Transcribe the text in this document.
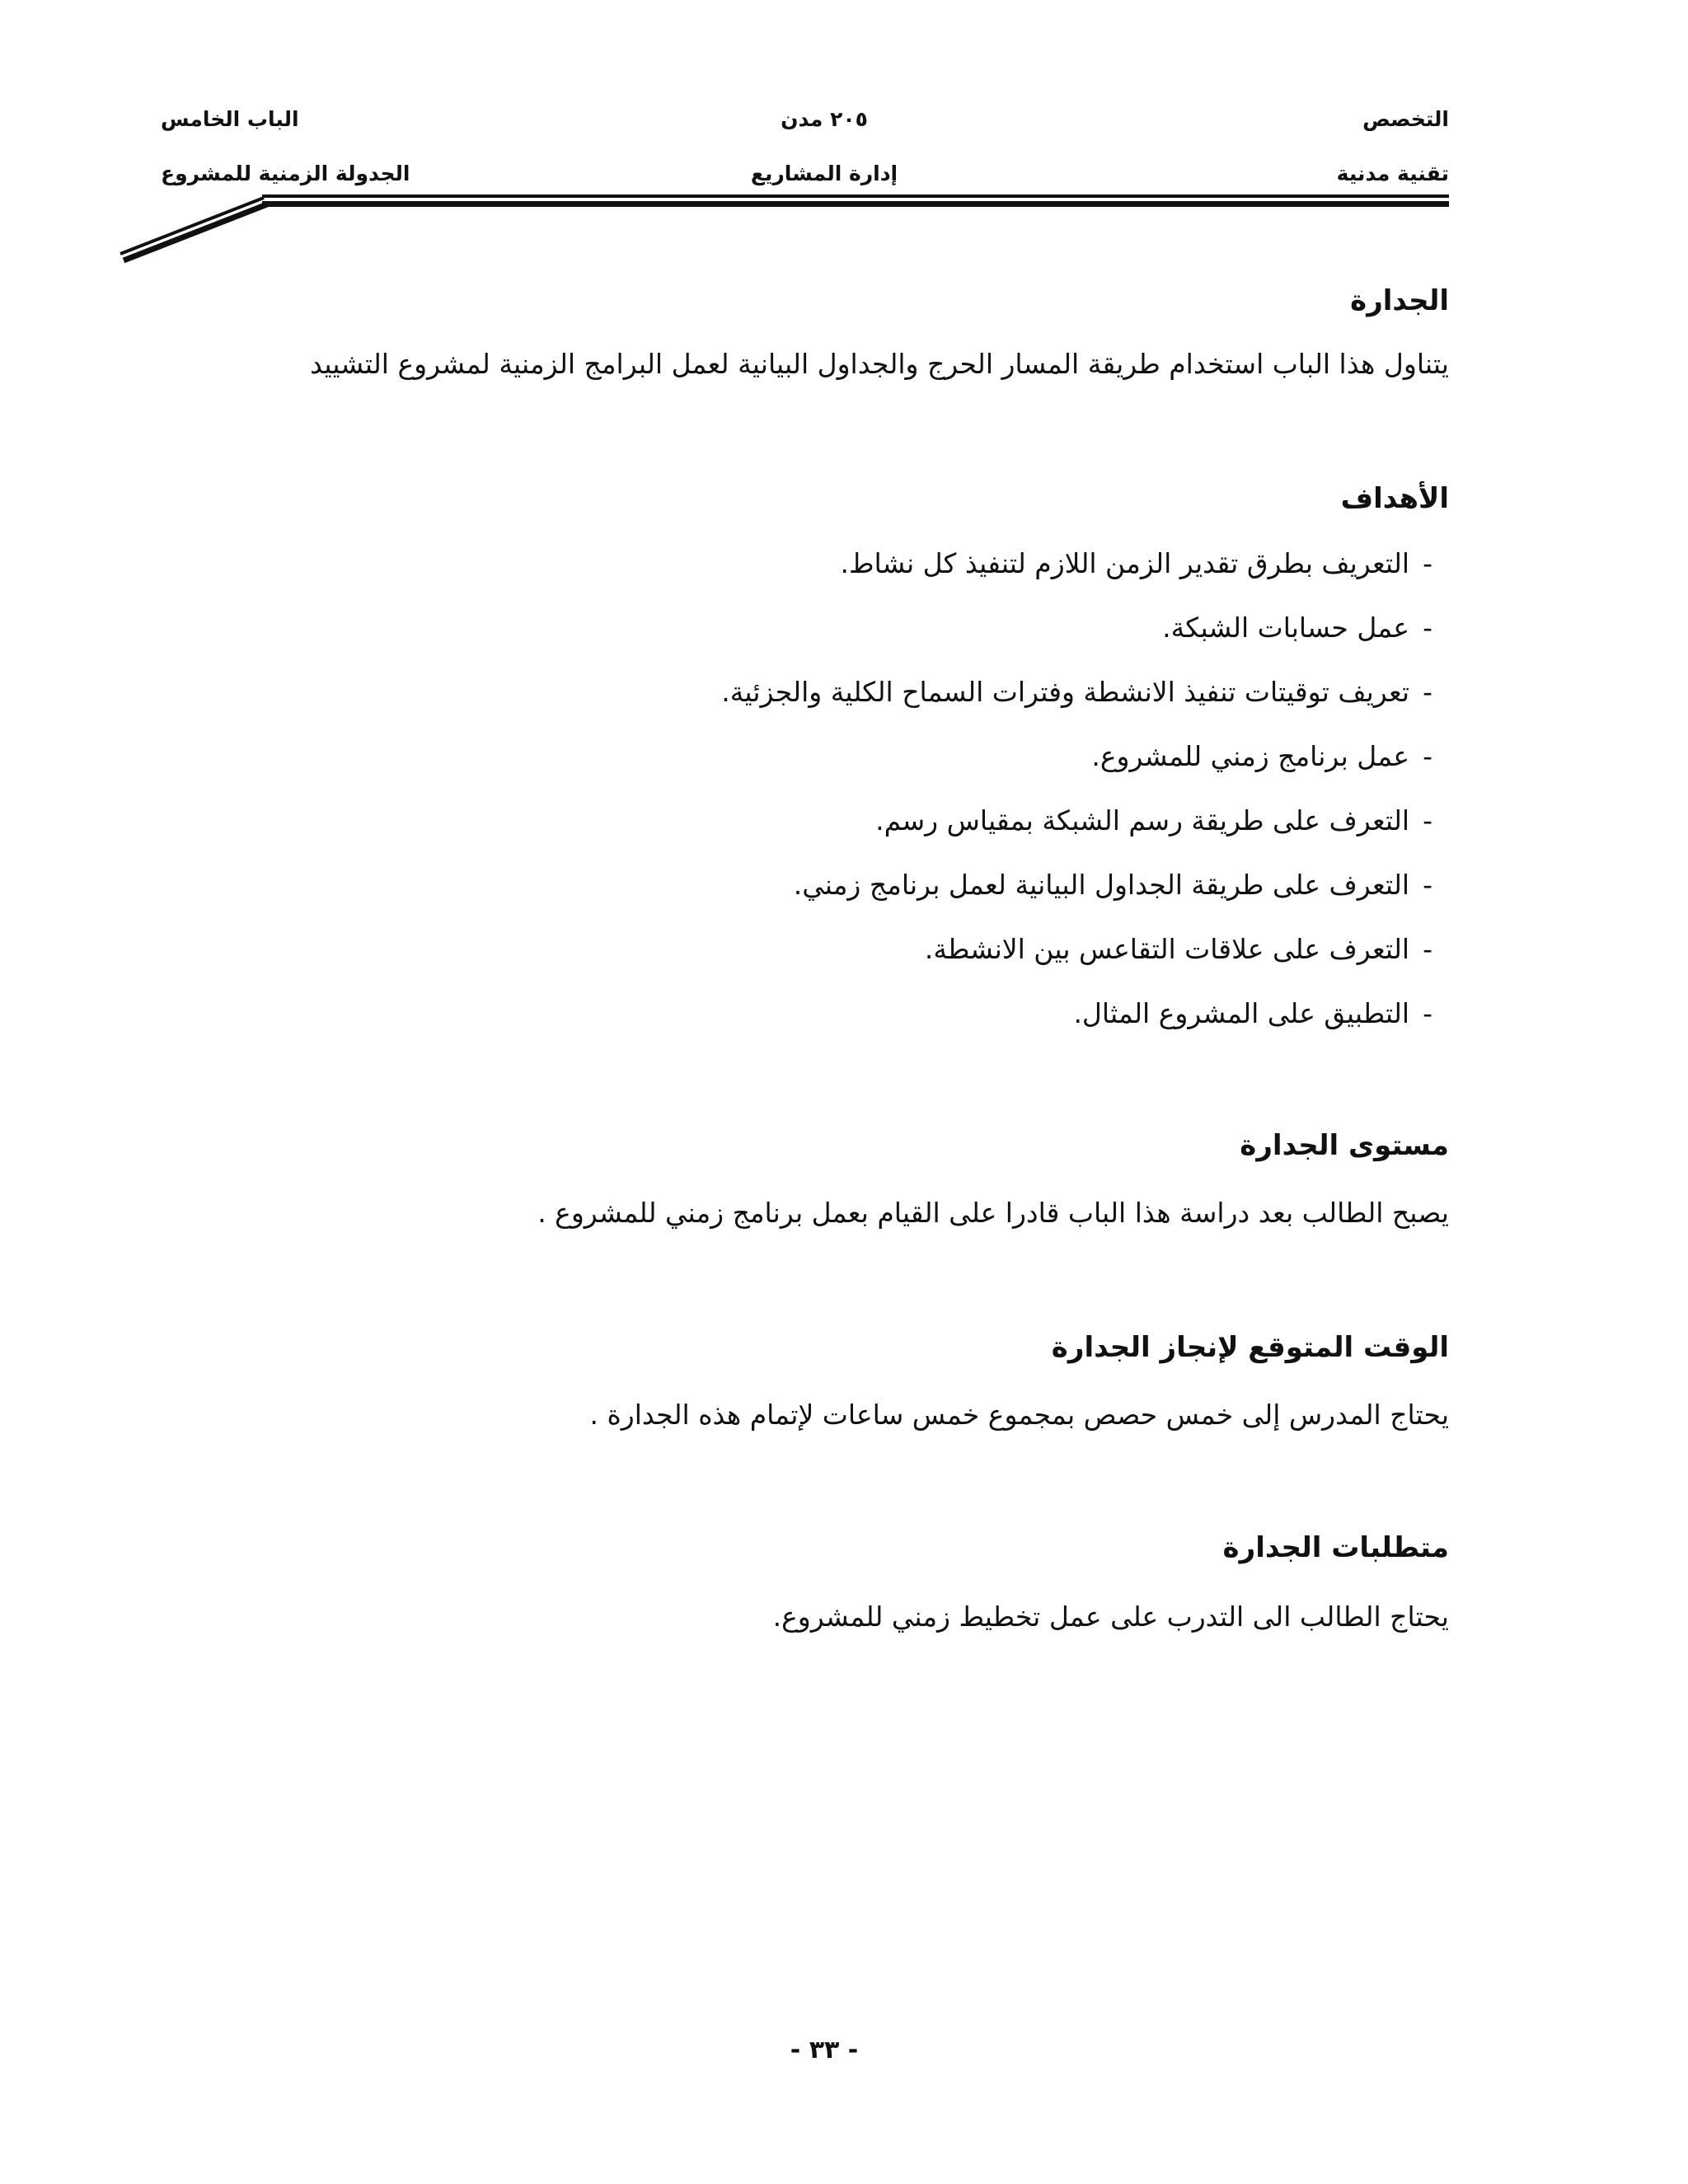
التخصص
تقنية مدنية
٢٠٥ مدن
إدارة المشاريع
الباب الخامس
الجدولة الزمنية للمشروع
الجدارة
يتناول هذا الباب استخدام طريقة المسار الحرج والجداول البيانية لعمل البرامج الزمنية لمشروع التشييد
الأهداف
-التعريف بطرق تقدير الزمن اللازم لتنفيذ كل نشاط.
-عمل حسابات الشبكة.
-تعريف توقيتات تنفيذ الانشطة وفترات السماح الكلية والجزئية.
-عمل برنامج زمني للمشروع.
-التعرف على طريقة رسم الشبكة بمقياس رسم.
-التعرف على طريقة الجداول البيانية لعمل برنامج زمني.
-التعرف على علاقات التقاعس بين الانشطة.
-التطبيق على المشروع المثال.
مستوى الجدارة
يصبح الطالب بعد دراسة هذا الباب قادرا على القيام بعمل برنامج زمني للمشروع .
الوقت المتوقع لإنجاز الجدارة
يحتاج المدرس إلى خمس حصص بمجموع خمس ساعات لإتمام هذه الجدارة .
متطلبات الجدارة
يحتاج الطالب الى التدرب على عمل تخطيط زمني للمشروع.
- ٣٣ -
